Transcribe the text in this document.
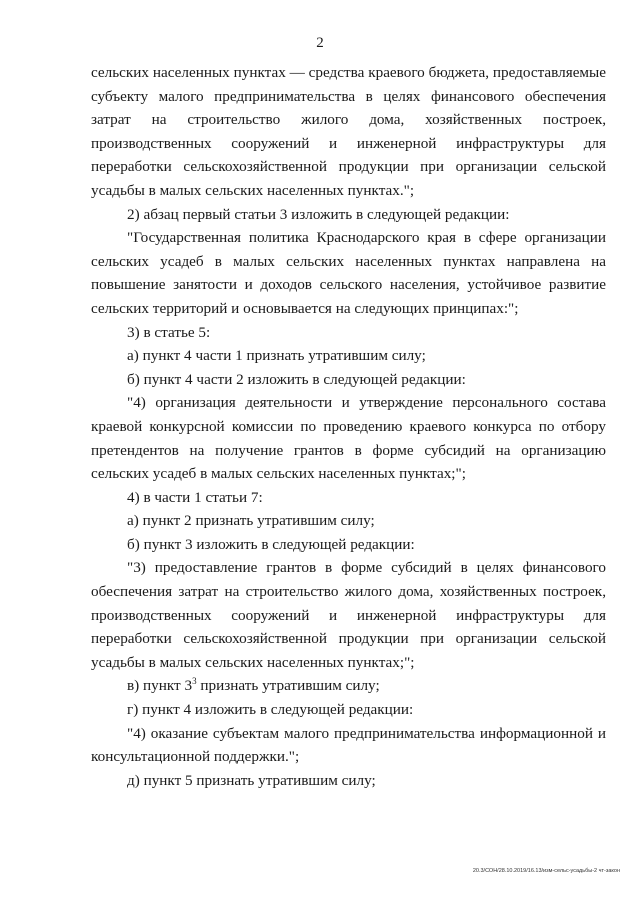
2

сельских населенных пунктах — средства краевого бюджета, предоставляемые субъекту малого предпринимательства в целях финансового обеспечения затрат на строительство жилого дома, хозяйственных построек, производственных сооружений и инженерной инфраструктуры для переработки сельскохозяйственной продукции при организации сельской усадьбы в малых сельских населенных пунктах.";

2) абзац первый статьи 3 изложить в следующей редакции:

"Государственная политика Краснодарского края в сфере организации сельских усадеб в малых сельских населенных пунктах направлена на повышение занятости и доходов сельского населения, устойчивое развитие сельских территорий и основывается на следующих принципах:";

3) в статье 5:

а) пункт 4 части 1 признать утратившим силу;

б) пункт 4 части 2 изложить в следующей редакции:

"4) организация деятельности и утверждение персонального состава краевой конкурсной комиссии по проведению краевого конкурса по отбору претендентов на получение грантов в форме субсидий на организацию сельских усадеб в малых сельских населенных пунктах;";

4) в части 1 статьи 7:

а) пункт 2 признать утратившим силу;

б) пункт 3 изложить в следующей редакции:

"3) предоставление грантов в форме субсидий в целях финансового обеспечения затрат на строительство жилого дома, хозяйственных построек, производственных сооружений и инженерной инфраструктуры для переработки сельскохозяйственной продукции при организации сельской усадьбы в малых сельских населенных пунктах;";

в) пункт $3^3$ признать утратившим силу;

г) пункт 4 изложить в следующей редакции:

"4) оказание субъектам малого предпринимательства информационной и консультационной поддержки.";

д) пункт 5 признать утратившим силу;

20.3/СОН/28.10.2019/16.13/изм-сельс-усадьбы-2 чт-закон
